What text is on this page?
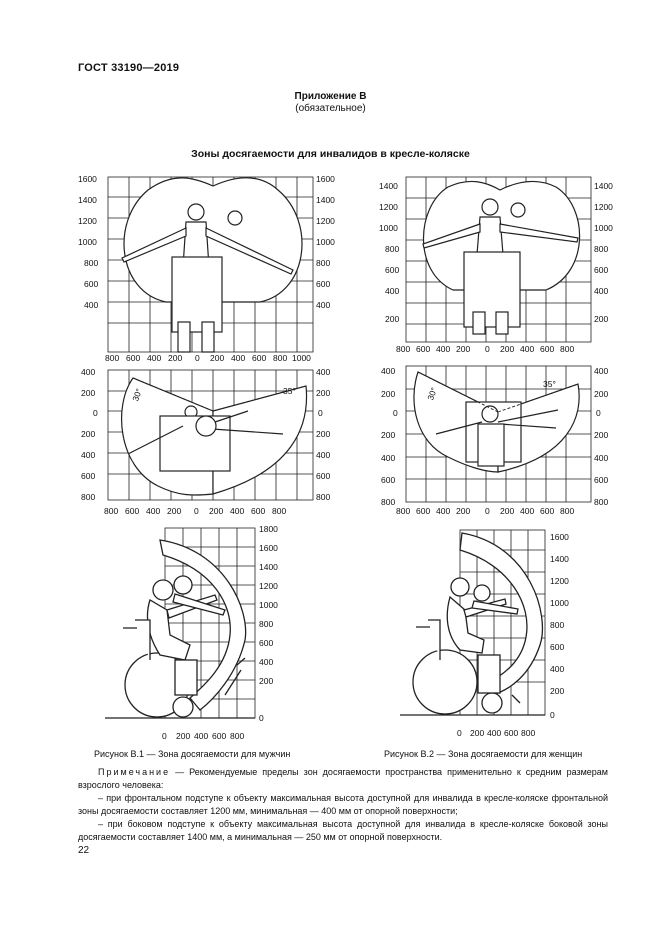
ГОСТ 33190—2019
Приложение В
(обязательное)
Зоны досягаемости для инвалидов в кресле-коляске
1600
1400
1200
1000
800
600
400
1600
1400
1200
1000
800
600
400
800 600 400 200 0 200 400 600 800 1000
1400
1200
1000
800
600
400
200
1400
1200
1000
800
600
400
200
800 600 400 200 0 200 400 600 800
30°	35°
400
200
0
200
400
600
800
400
200
0
200
400
600
800
800 600 400 200 0 200 400 600 800
30°
35°
400
200
0
200
400
600
800
400
200
0
200
400
600
800
800 600 400 200 0 200 400 600 800
1800
1600
1400
1200
1000
800
600
400
200
0
0 200 400 600 800
1600
1400
1200
1000
800
600
400
200
0
0 200 400 600 800
Рисунок В.1 — Зона досягаемости для мужчин	Рисунок В.2 — Зона досягаемости для женщин
Примечание — Рекомендуемые пределы зон досягаемости пространства применительно к средним размерам взрослого человека:
– при фронтальном подступе к объекту максимальная высота доступной для инвалида в кресле-коляске фронтальной зоны досягаемости составляет 1200 мм, минимальная — 400 мм от опорной поверхности;
– при боковом подступе к объекту максимальная высота доступной для инвалида в кресле-коляске боковой зоны досягаемости составляет 1400 мм, а минимальная — 250 мм от опорной поверхности.
22
